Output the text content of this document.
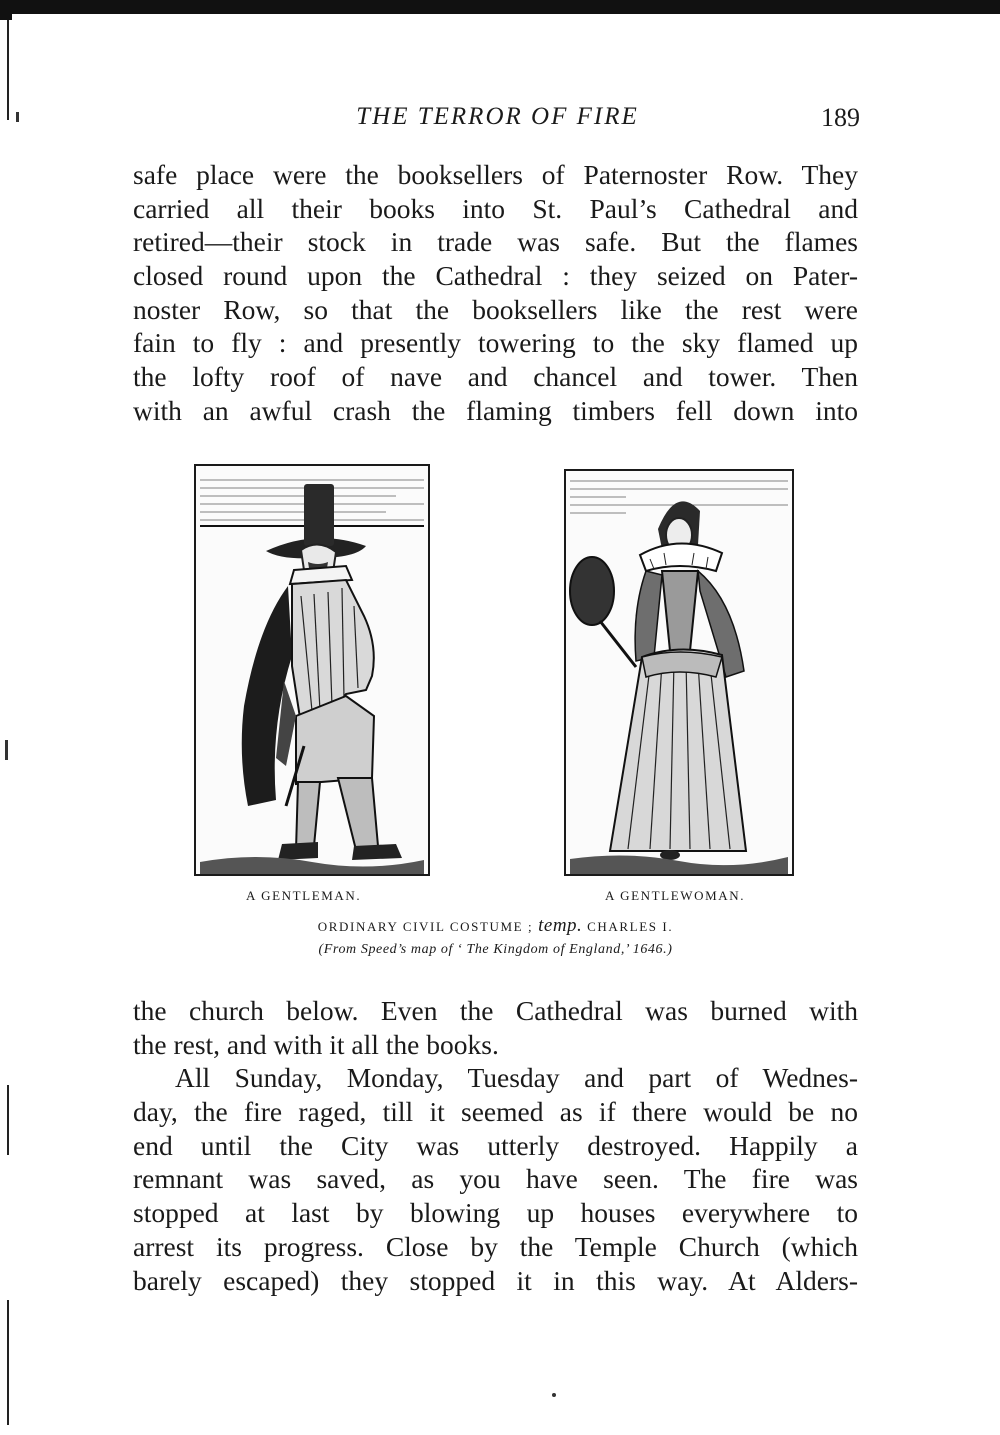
THE TERROR OF FIRE	189
safe place were the booksellers of Paternoster Row. They
carried all their books into St. Paul’s Cathedral and
retired—their stock in trade was safe. But the flames
closed round upon the Cathedral : they seized on Pater-
noster Row, so that the booksellers like the rest were
fain to fly : and presently towering to the sky flamed up
the lofty roof of nave and chancel and tower. Then
with an awful crash the flaming timbers fell down into
A GENTLEMAN.	A GENTLEWOMAN.
ORDINARY CIVIL COSTUME ; temp. CHARLES I.
(From Speed’s map of ‘ The Kingdom of England,’ 1646.)
the church below. Even the Cathedral was burned with
the rest, and with it all the books.
All Sunday, Monday, Tuesday and part of Wednes-
day, the fire raged, till it seemed as if there would be no
end until the City was utterly destroyed. Happily a
remnant was saved, as you have seen. The fire was
stopped at last by blowing up houses everywhere to
arrest its progress. Close by the Temple Church (which
barely escaped) they stopped it in this way. At Alders-
